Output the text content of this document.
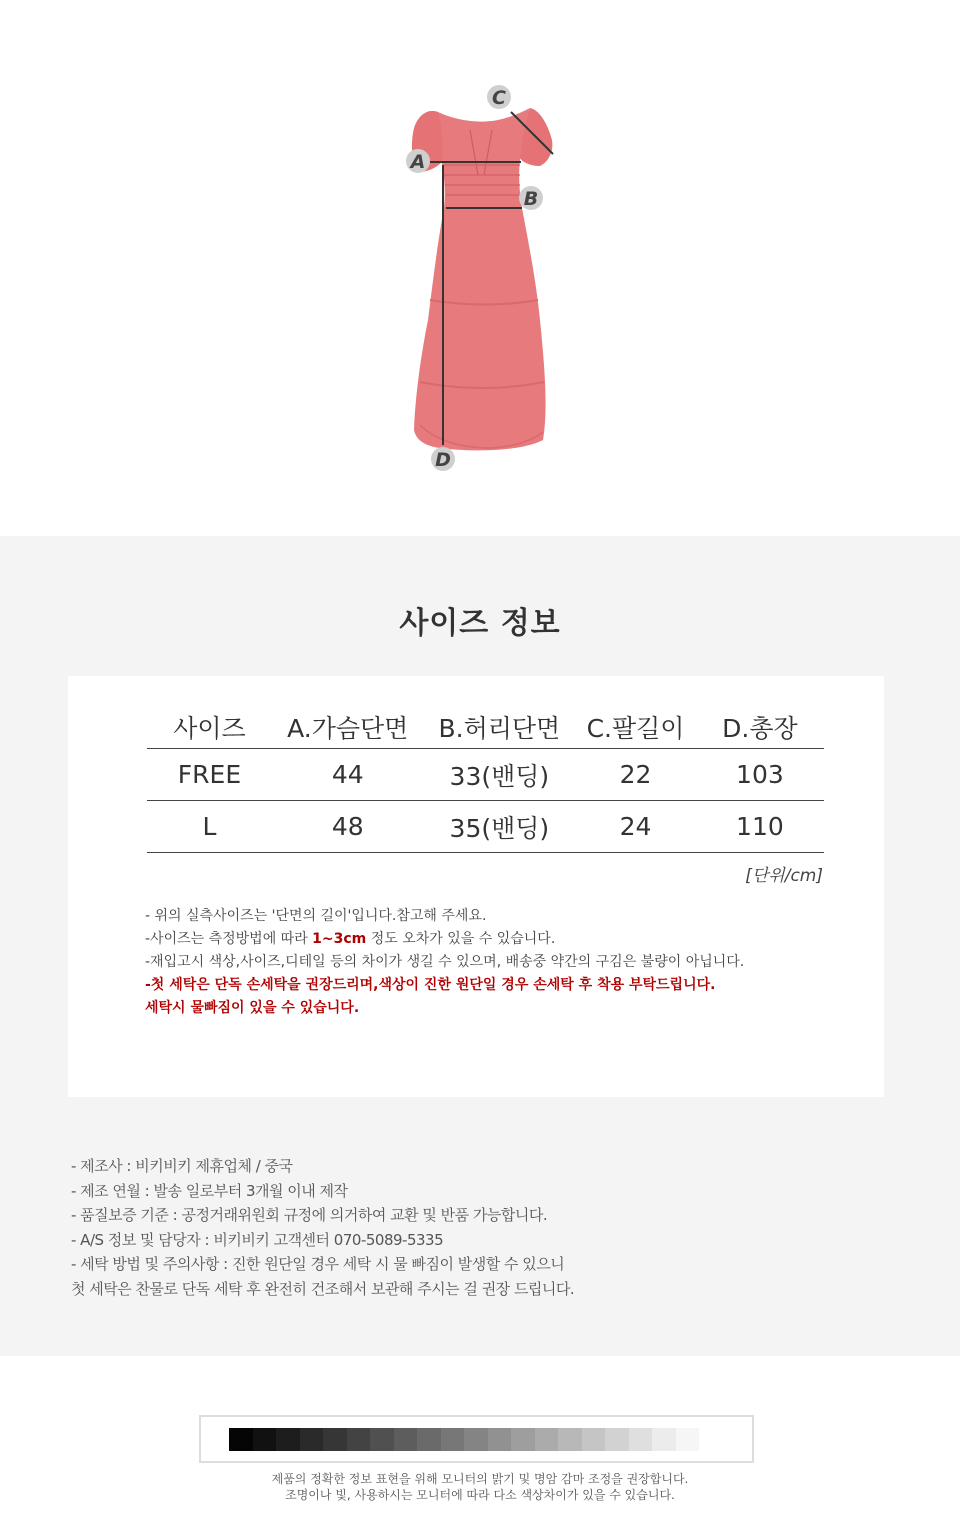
A
B
C
D
사이즈 정보
사이즈	A.가슴단면	B.허리단면	C.팔길이	D.총장
FREE	44	33(밴딩)	22	103
L	48	35(밴딩)	24	110
[단위/cm]
- 위의 실측사이즈는 '단면의 길이'입니다.참고해 주세요.
-사이즈는 측정방법에 따라 1~3cm 정도 오차가 있을 수 있습니다.
-재입고시 색상,사이즈,디테일 등의 차이가 생길 수 있으며, 배송중 약간의 구김은 불량이 아닙니다.
-첫 세탁은 단독 손세탁을 권장드리며,색상이 진한 원단일 경우 손세탁 후 착용 부탁드립니다.
세탁시 물빠짐이 있을 수 있습니다.
- 제조사 : 비키비키 제휴업체 / 중국
- 제조 연월 : 발송 일로부터 3개월 이내 제작
- 품질보증 기준 : 공정거래위원회 규정에 의거하여 교환 및 반품 가능합니다.
- A/S 정보 및 담당자 : 비키비키 고객센터 070-5089-5335
- 세탁 방법 및 주의사항 : 진한 원단일 경우 세탁 시 물 빠짐이 발생할 수 있으니
첫 세탁은 찬물로 단독 세탁 후 완전히 건조해서 보관해 주시는 걸 권장 드립니다.
제품의 정확한 정보 표현을 위해 모니터의 밝기 및 명암 감마 조정을 권장합니다.
조명이나 빛, 사용하시는 모니터에 따라 다소 색상차이가 있을 수 있습니다.
